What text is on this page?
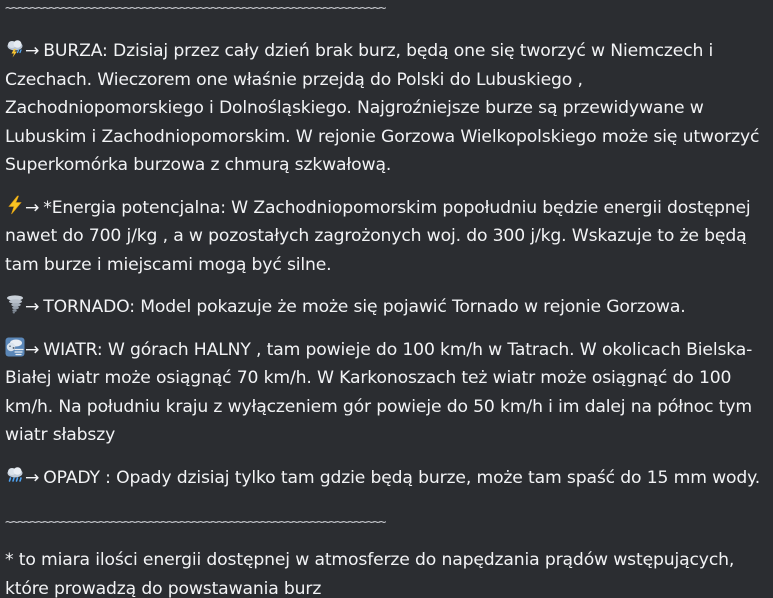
~~~~~~~~~~~~~~~~~~~~~~~~~~~~~~~~~~~~~~~~~~~~~~~~~~~~~~~~~~~~~

→ BURZA: Dzisiaj przez cały dzień brak burz, będą one się tworzyć w Niemczech i Czechach. Wieczorem one właśnie przejdą do Polski do Lubuskiego , Zachodniopomorskiego i Dolnośląskiego. Najgroźniejsze burze są przewidywane w Lubuskim i Zachodniopomorskim. W rejonie Gorzowa Wielkopolskiego może się utworzyć Superkomórka burzowa z chmurą szkwałową.

→ *Energia potencjalna: W Zachodniopomorskim popołudniu będzie energii dostępnej nawet do 700 j/kg , a w pozostałych zagrożonych woj. do 300 j/kg. Wskazuje to że będą tam burze i miejscami mogą być silne.

→ TORNADO: Model pokazuje że może się pojawić Tornado w rejonie Gorzowa.

→ WIATR: W górach HALNY , tam powieje do 100 km/h w Tatrach. W okolicach Bielska-Białej wiatr może osiągnąć 70 km/h. W Karkonoszach też wiatr może osiągnąć do 100 km/h. Na południu kraju z wyłączeniem gór powieje do 50 km/h i im dalej na północ tym wiatr słabszy

→ OPADY : Opady dzisiaj tylko tam gdzie będą burze, może tam spaść do 15 mm wody.

~~~~~~~~~~~~~~~~~~~~~~~~~~~~~~~~~~~~~~~~~~~~~~~~~~~~~~~~~~~~~

* to miara ilości energii dostępnej w atmosferze do napędzania prądów wstępujących, które prowadzą do powstawania burz
